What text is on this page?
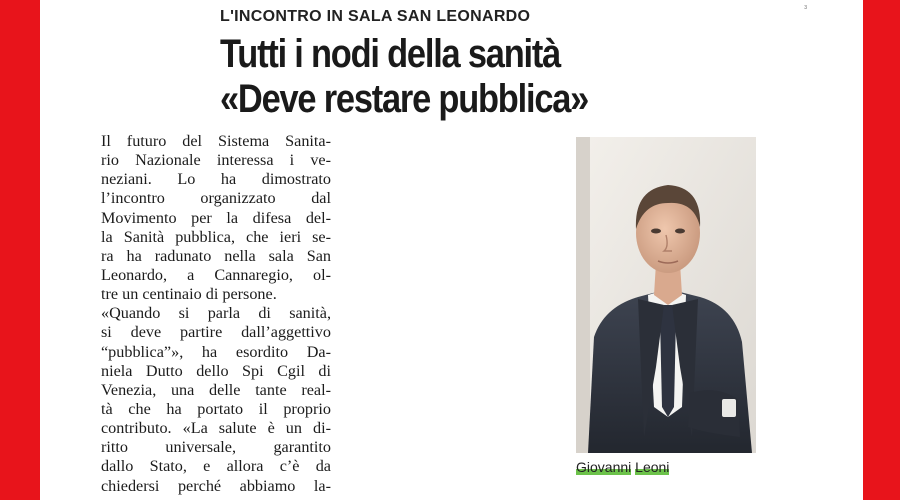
L'INCONTRO IN SALA SAN LEONARDO	3
Tutti i nodi della sanità
«Deve restare pubblica»
Il futuro del Sistema Sanita-
rio Nazionale interessa i ve-
neziani. Lo ha dimostrato
l’incontro organizzato dal
Movimento per la difesa del-
la Sanità pubblica, che ieri se-
ra ha radunato nella sala San
Leonardo, a Cannaregio, ol-
tre un centinaio di persone.
«Quando si parla di sanità,
si deve partire dall’aggettivo
“pubblica”», ha esordito Da-
niela Dutto dello Spi Cgil di
Venezia, una delle tante real-
tà che ha portato il proprio
contributo. «La salute è un di-
ritto universale, garantito
dallo Stato, e allora c’è da
chiedersi perché abbiamo la-
Giovanni Leoni
